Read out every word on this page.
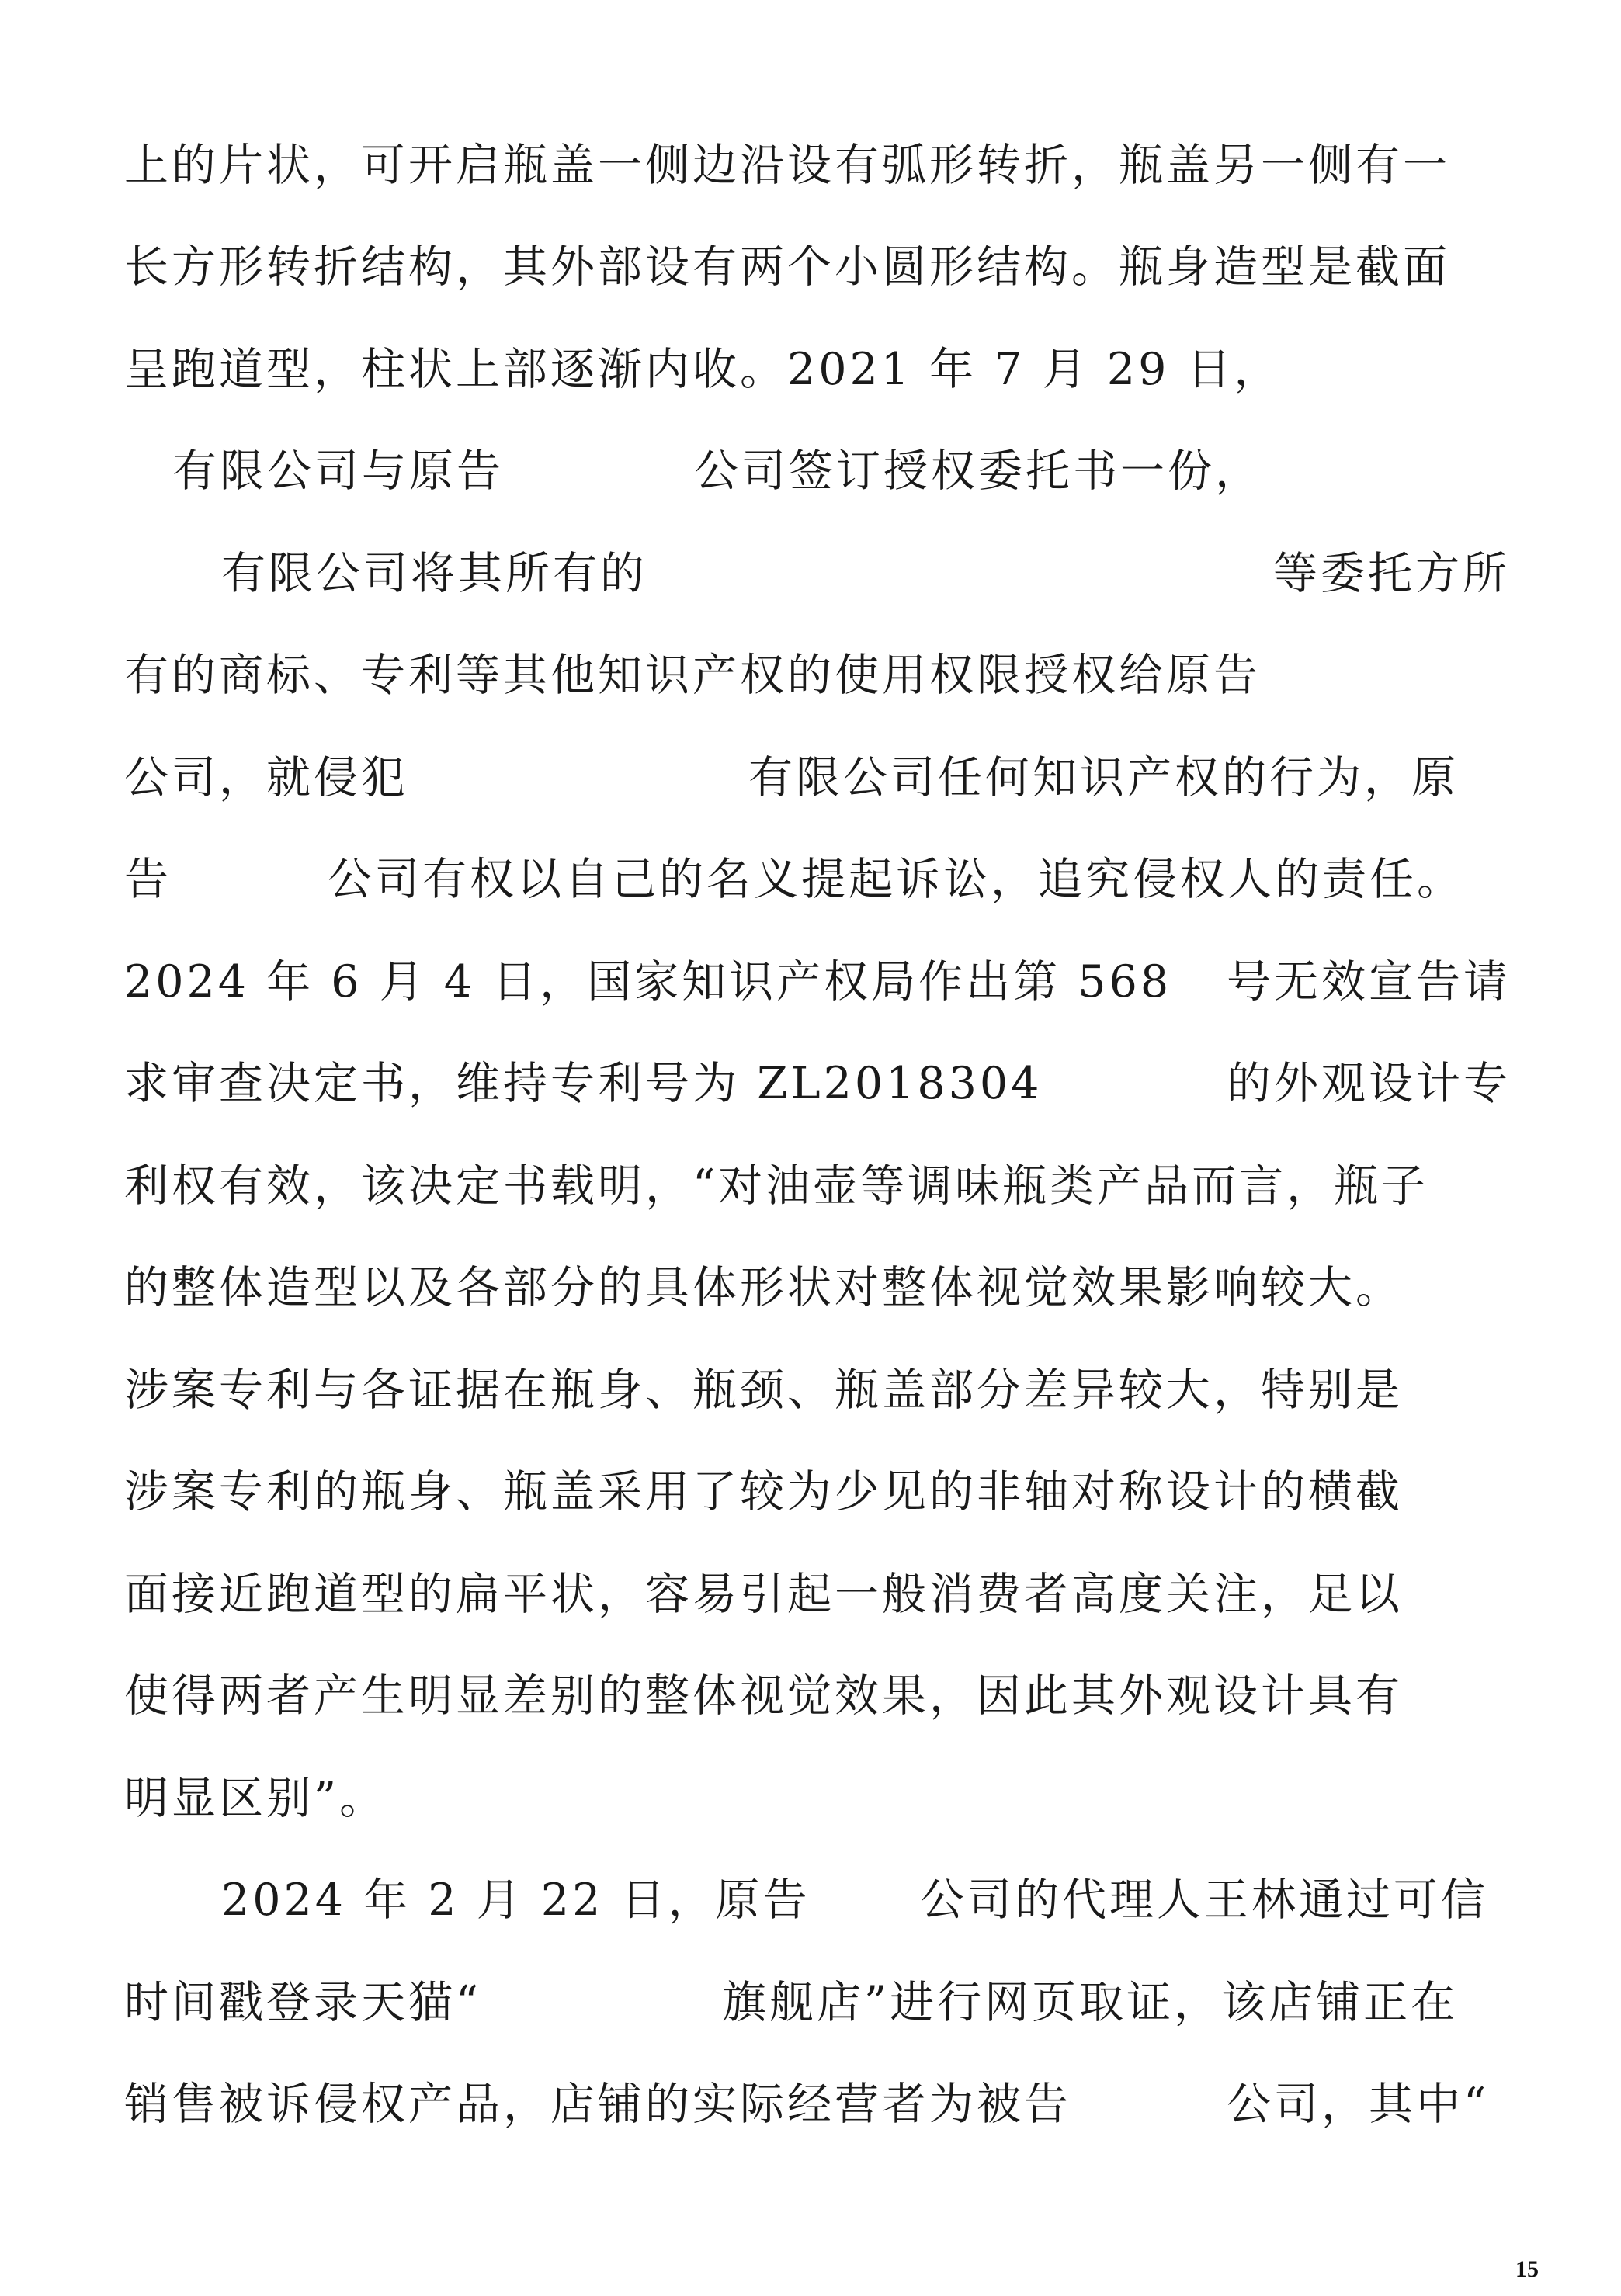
上的片状，可开启瓶盖一侧边沿设有弧形转折，瓶盖另一侧有一
长方形转折结构，其外部设有两个小圆形结构。瓶身造型是截面
呈跑道型，柱状上部逐渐内收。2021 年 7 月 29 日，
有限公司与原告	公司签订授权委托书一份，
有限公司将其所有的	等委托方所
有的商标、专利等其他知识产权的使用权限授权给原告
公司，就侵犯	有限公司任何知识产权的行为，原
告	公司有权以自己的名义提起诉讼，追究侵权人的责任。
2024 年 6 月 4 日，国家知识产权局作出第 568 号无效宣告请
求审查决定书，维持专利号为 ZL2018304	的外观设计专
利权有效，该决定书载明，“对油壶等调味瓶类产品而言，瓶子
的整体造型以及各部分的具体形状对整体视觉效果影响较大。
涉案专利与各证据在瓶身、瓶颈、瓶盖部分差异较大，特别是
涉案专利的瓶身、瓶盖采用了较为少见的非轴对称设计的横截
面接近跑道型的扁平状，容易引起一般消费者高度关注，足以
使得两者产生明显差别的整体视觉效果，因此其外观设计具有
明显区别”。
2024 年 2 月 22 日，原告 公司的代理人王林通过可信
时间戳登录天猫“	旗舰店”进行网页取证，该店铺正在
销售被诉侵权产品，店铺的实际经营者为被告	公司，其中“
15
